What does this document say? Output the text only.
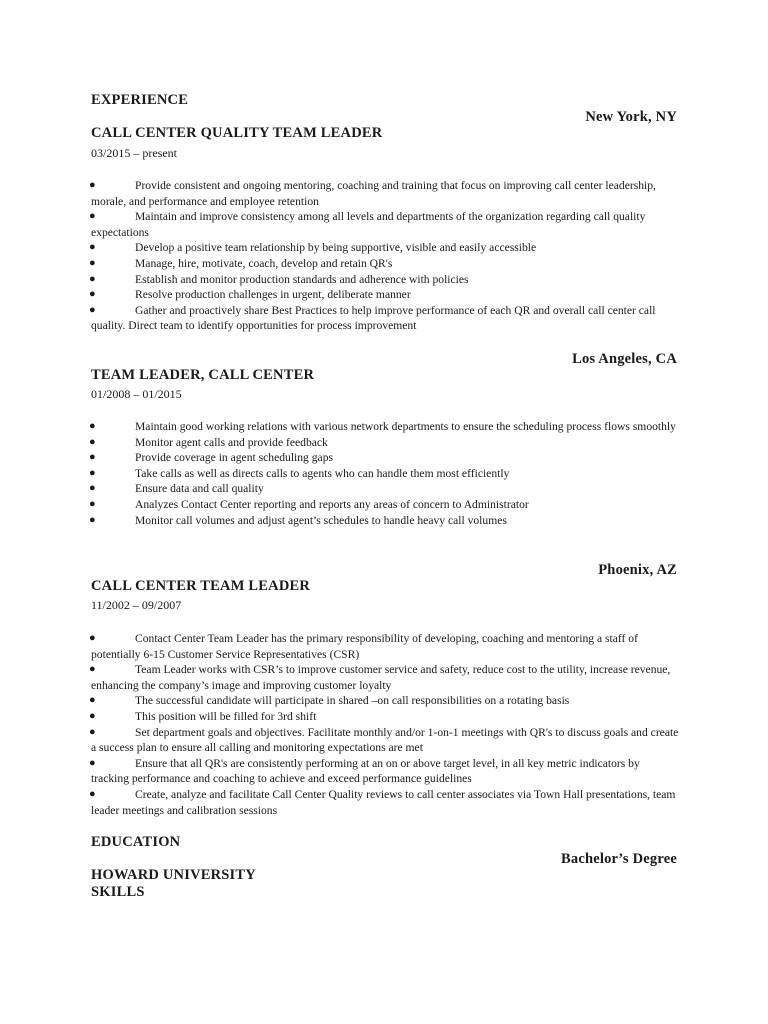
EXPERIENCE
New York, NY
CALL CENTER QUALITY TEAM LEADER
03/2015 – present
●	Provide consistent and ongoing mentoring, coaching and training that focus on improving call center leadership, morale, and performance and employee retention
●	Maintain and improve consistency among all levels and departments of the organization regarding call quality expectations
●	Develop a positive team relationship by being supportive, visible and easily accessible
●	Manage, hire, motivate, coach, develop and retain QR's
●	Establish and monitor production standards and adherence with policies
●	Resolve production challenges in urgent, deliberate manner
●	Gather and proactively share Best Practices to help improve performance of each QR and overall call center call quality. Direct team to identify opportunities for process improvement
Los Angeles, CA
TEAM LEADER, CALL CENTER
01/2008 – 01/2015
●	Maintain good working relations with various network departments to ensure the scheduling process flows smoothly
●	Monitor agent calls and provide feedback
●	Provide coverage in agent scheduling gaps
●	Take calls as well as directs calls to agents who can handle them most efficiently
●	Ensure data and call quality
●	Analyzes Contact Center reporting and reports any areas of concern to Administrator
●	Monitor call volumes and adjust agent’s schedules to handle heavy call volumes
Phoenix, AZ
CALL CENTER TEAM LEADER
11/2002 – 09/2007
●	Contact Center Team Leader has the primary responsibility of developing, coaching and mentoring a staff of potentially 6-15 Customer Service Representatives (CSR)
●	Team Leader works with CSR’s to improve customer service and safety, reduce cost to the utility, increase revenue, enhancing the company’s image and improving customer loyalty
●	The successful candidate will participate in shared –on call responsibilities on a rotating basis
●	This position will be filled for 3rd shift
●	Set department goals and objectives. Facilitate monthly and/or 1-on-1 meetings with QR's to discuss goals and create a success plan to ensure all calling and monitoring expectations are met
●	Ensure that all QR's are consistently performing at an on or above target level, in all key metric indicators by tracking performance and coaching to achieve and exceed performance guidelines
●	Create, analyze and facilitate Call Center Quality reviews to call center associates via Town Hall presentations, team leader meetings and calibration sessions
EDUCATION
Bachelor’s Degree
HOWARD UNIVERSITY
SKILLS
